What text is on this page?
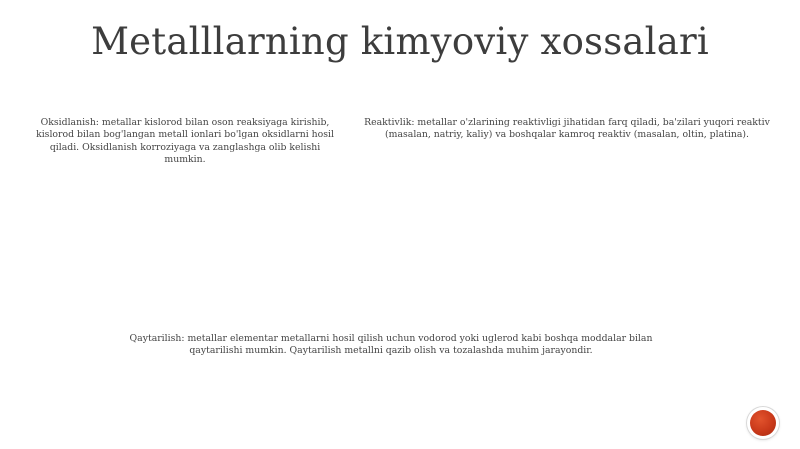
Metalllarning kimyoviy xossalari
Oksidlanish: metallar kislorod bilan oson reaksiyaga kirishib, kislorod bilan bog'langan metall ionlari bo'lgan oksidlarni hosil qiladi. Oksidlanish korroziyaga va zanglashga olib kelishi mumkin.
Reaktivlik: metallar o'zlarining reaktivligi jihatidan farq qiladi, ba'zilari yuqori reaktiv (masalan, natriy, kaliy) va boshqalar kamroq reaktiv (masalan, oltin, platina).
Qaytarilish: metallar elementar metallarni hosil qilish uchun vodorod yoki uglerod kabi boshqa moddalar bilan qaytarilishi mumkin. Qaytarilish metallni qazib olish va tozalashda muhim jarayondir.
